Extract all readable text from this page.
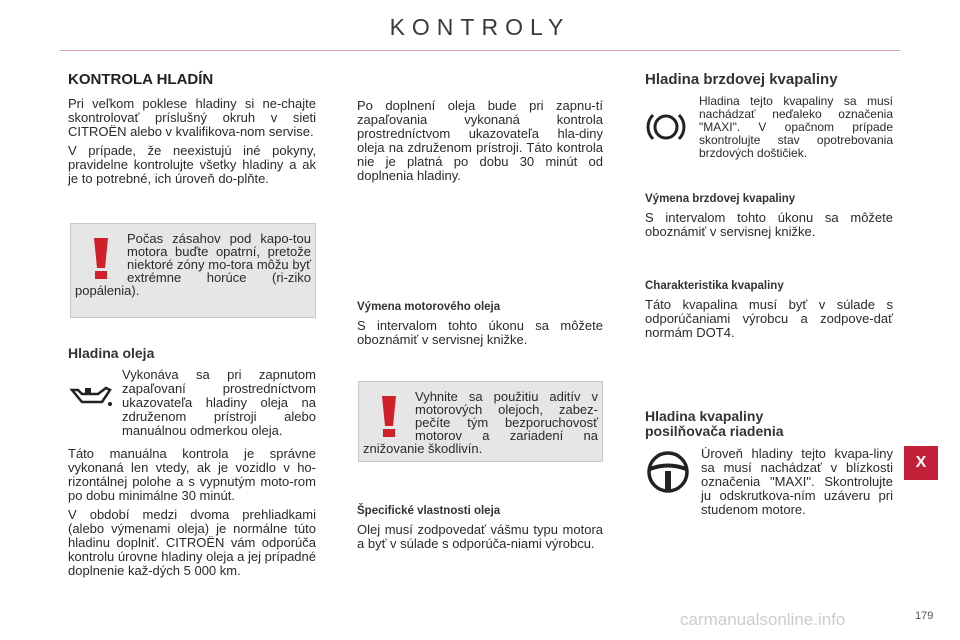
KONTROLY
KONTROLA HLADÍN

Pri veľkom poklese hladiny si ne-chajte skontrolovať príslušný okruh v sieti CITROËN alebo v kvalifikova-nom servise.

V prípade, že neexistujú iné pokyny, pravidelne kontrolujte všetky hladiny a ak je to potrebné, ich úroveň do-plňte.

Počas zásahov pod kapo-tou motora buďte opatrní, pretože niektoré zóny mo-tora môžu byť extrémne horúce (ri-ziko popálenia).

Hladina oleja

Vykonáva sa pri zapnutom zapaľovaní prostredníctvom ukazovateľa hladiny oleja na združenom prístroji alebo manuálnou odmerkou oleja.

Táto manuálna kontrola je správne vykonaná len vtedy, ak je vozidlo v ho-rizontálnej polohe a s vypnutým moto-rom po dobu minimálne 30 minút.

V období medzi dvoma prehliadkami (alebo výmenami oleja) je normálne túto hladinu doplniť. CITROËN vám odporúča kontrolu úrovne hladiny oleja a jej prípadné doplnenie kaž-dých 5 000 km.

Po doplnení oleja bude pri zapnu-tí zapaľovania vykonaná kontrola prostredníctvom ukazovateľa hla-diny oleja na združenom prístroji. Táto kontrola nie je platná po dobu 30 minút od doplnenia hladiny.

Výmena motorového oleja

S intervalom tohto úkonu sa môžete oboznámiť v servisnej knižke.

Vyhnite sa použitiu aditív v motorových olejoch, zabez-pečíte tým bezporuchovosť motorov a zariadení na znižovanie škodlivín.

Špecifické vlastnosti oleja

Olej musí zodpovedať vášmu typu motora a byť v súlade s odporúča-niami výrobcu.

Hladina brzdovej kvapaliny

Hladina tejto kvapaliny sa musí nachádzať neďaleko označenia "MAXI". V opačnom prípade skontrolujte stav opotrebovania brzdových doštičiek.

Výmena brzdovej kvapaliny

S intervalom tohto úkonu sa môžete oboznámiť v servisnej knižke.

Charakteristika kvapaliny

Táto kvapalina musí byť v súlade s odporúčaniami výrobcu a zodpove-dať normám DOT4.

Hladina kvapaliny
posilňovača riadenia

Úroveň hladiny tejto kvapa-liny sa musí nachádzať v blízkosti označenia "MAXI". Skontrolujte ju odskrutkova-ním uzáveru pri studenom motore.

X
carmanualsonline.info	179
